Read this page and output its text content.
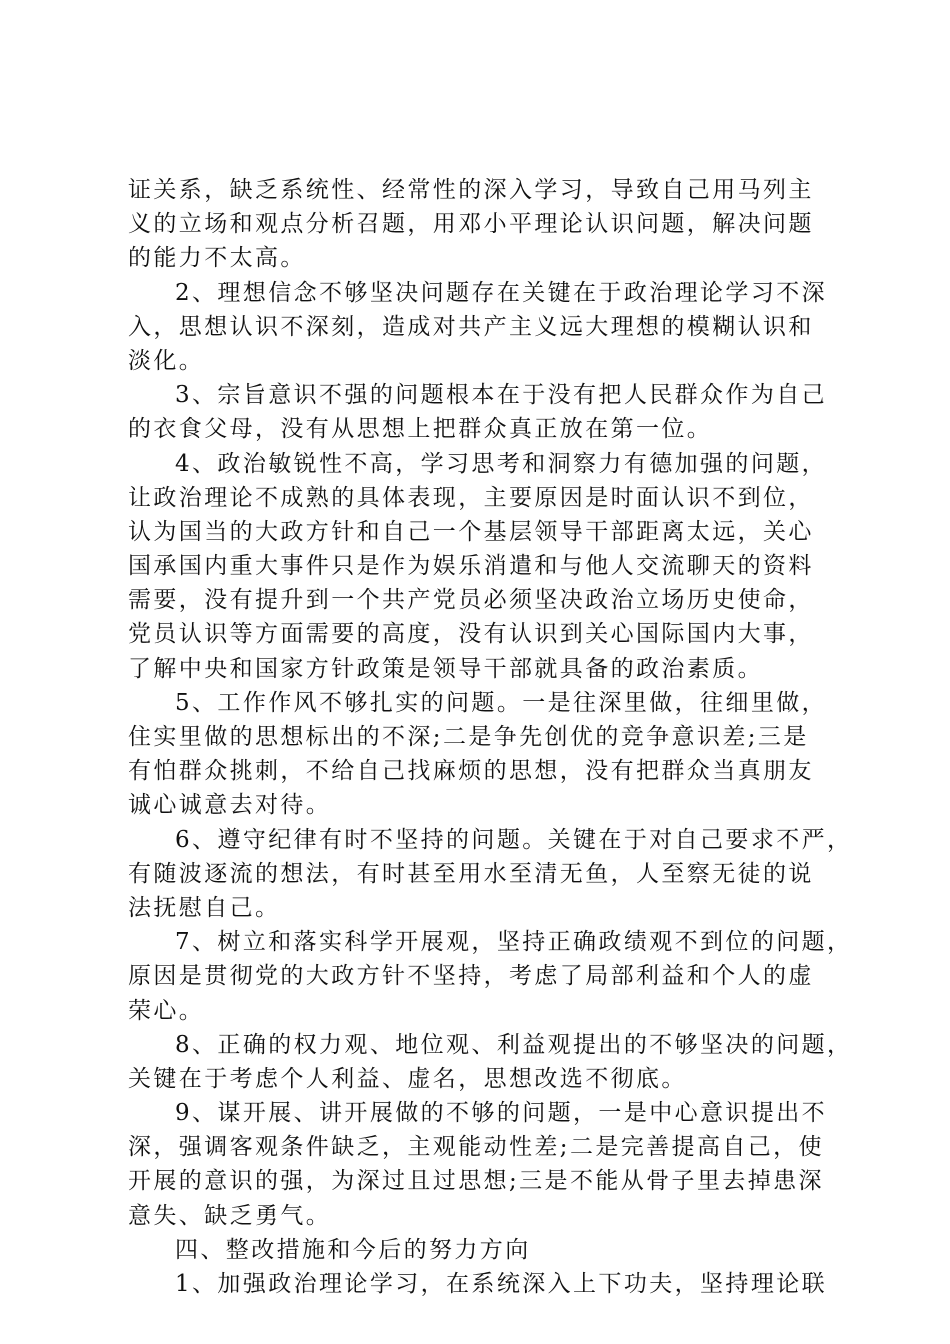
证关系，缺乏系统性、经常性的深入学习，导致自己用马列主
义的立场和观点分析召题，用邓小平理论认识问题，解决问题
的能力不太高。
2、理想信念不够坚决问题存在关键在于政治理论学习不深
入，思想认识不深刻，造成对共产主义远大理想的模糊认识和
淡化。
3、宗旨意识不强的问题根本在于没有把人民群众作为自己
的衣食父母，没有从思想上把群众真正放在第一位。
4、政治敏锐性不高，学习思考和洞察力有德加强的问题，
让政治理论不成熟的具体表现，主要原因是时面认识不到位，
认为国当的大政方针和自己一个基层领导干部距离太远，关心
国承国内重大事件只是作为娱乐消遣和与他人交流聊天的资料
需要，没有提升到一个共产党员必须坚决政治立场历史使命，
党员认识等方面需要的高度，没有认识到关心国际国内大事，
了解中央和国家方针政策是领导干部就具备的政治素质。
5、工作作风不够扎实的问题。一是往深里做，往细里做，
住实里做的思想标出的不深;二是争先创优的竞争意识差;三是
有怕群众挑刺，不给自己找麻烦的思想，没有把群众当真朋友
诚心诚意去对待。
6、遵守纪律有时不坚持的问题。关键在于对自己要求不严，
有随波逐流的想法，有时甚至用水至清无鱼，人至察无徒的说
法抚慰自己。
7、树立和落实科学开展观，坚持正确政绩观不到位的问题，
原因是贯彻党的大政方针不坚持，考虑了局部利益和个人的虚
荣心。
8、正确的权力观、地位观、利益观提出的不够坚决的问题，
关键在于考虑个人利益、虚名，思想改选不彻底。
9、谋开展、讲开展做的不够的问题，一是中心意识提出不
深，强调客观条件缺乏，主观能动性差;二是完善提高自己，使
开展的意识的强，为深过且过思想;三是不能从骨子里去掉患深
意失、缺乏勇气。
四、整改措施和今后的努力方向
1、加强政治理论学习，在系统深入上下功夫，坚持理论联
